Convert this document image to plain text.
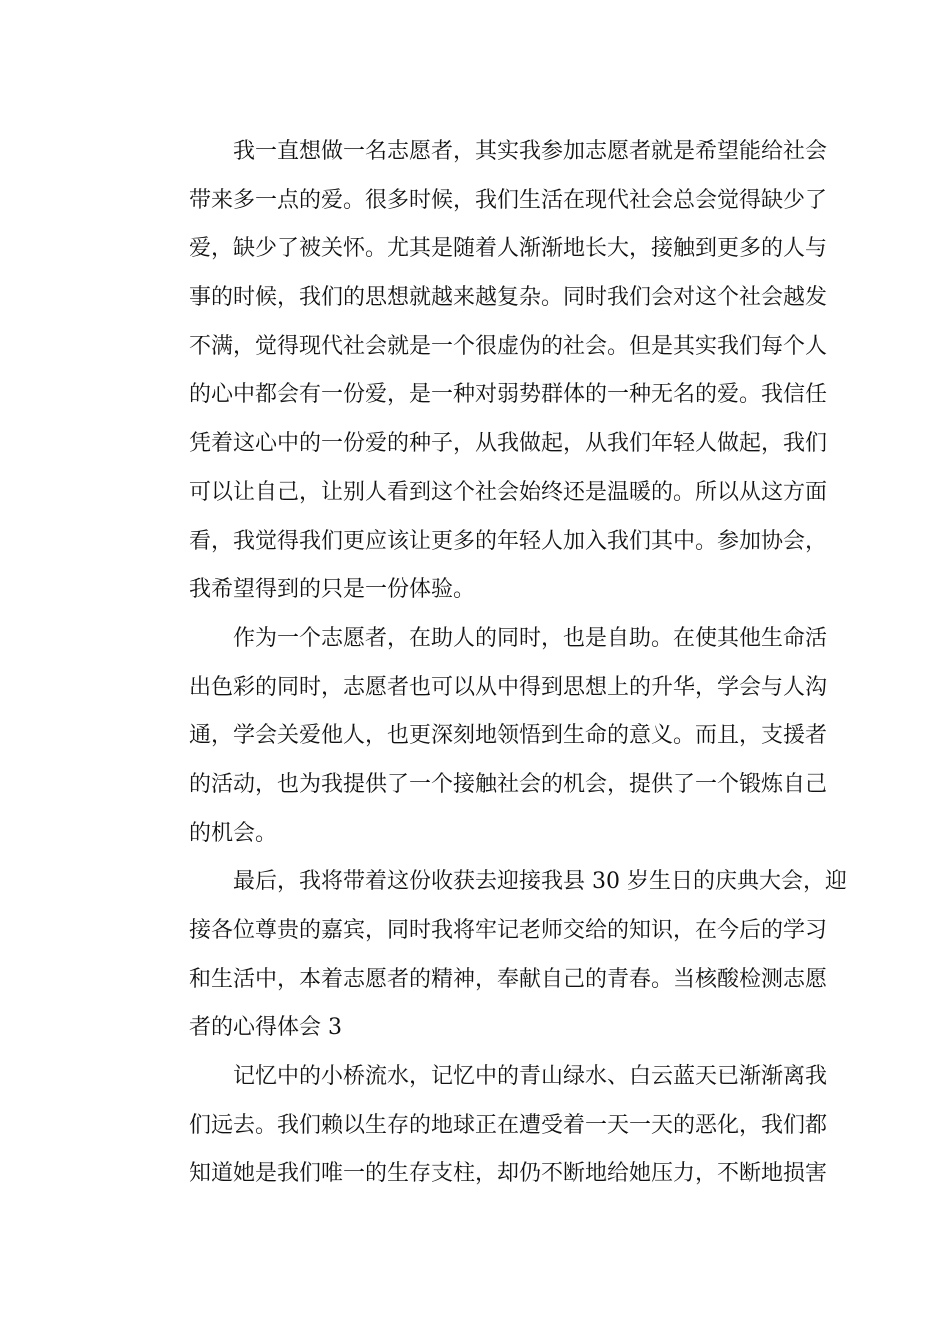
我一直想做一名志愿者，其实我参加志愿者就是希望能给社会
带来多一点的爱。很多时候，我们生活在现代社会总会觉得缺少了
爱，缺少了被关怀。尤其是随着人渐渐地长大，接触到更多的人与
事的时候，我们的思想就越来越复杂。同时我们会对这个社会越发
不满，觉得现代社会就是一个很虚伪的社会。但是其实我们每个人
的心中都会有一份爱，是一种对弱势群体的一种无名的爱。我信任
凭着这心中的一份爱的种子，从我做起，从我们年轻人做起，我们
可以让自己，让别人看到这个社会始终还是温暖的。所以从这方面
看，我觉得我们更应该让更多的年轻人加入我们其中。参加协会，
我希望得到的只是一份体验。
作为一个志愿者，在助人的同时，也是自助。在使其他生命活
出色彩的同时，志愿者也可以从中得到思想上的升华，学会与人沟
通，学会关爱他人，也更深刻地领悟到生命的意义。而且，支援者
的活动，也为我提供了一个接触社会的机会，提供了一个锻炼自己
的机会。
最后，我将带着这份收获去迎接我县 30 岁生日的庆典大会，迎
接各位尊贵的嘉宾，同时我将牢记老师交给的知识，在今后的学习
和生活中，本着志愿者的精神，奉献自己的青春。当核酸检测志愿
者的心得体会 3
记忆中的小桥流水，记忆中的青山绿水、白云蓝天已渐渐离我
们远去。我们赖以生存的地球正在遭受着一天一天的恶化，我们都
知道她是我们唯一的生存支柱，却仍不断地给她压力，不断地损害
